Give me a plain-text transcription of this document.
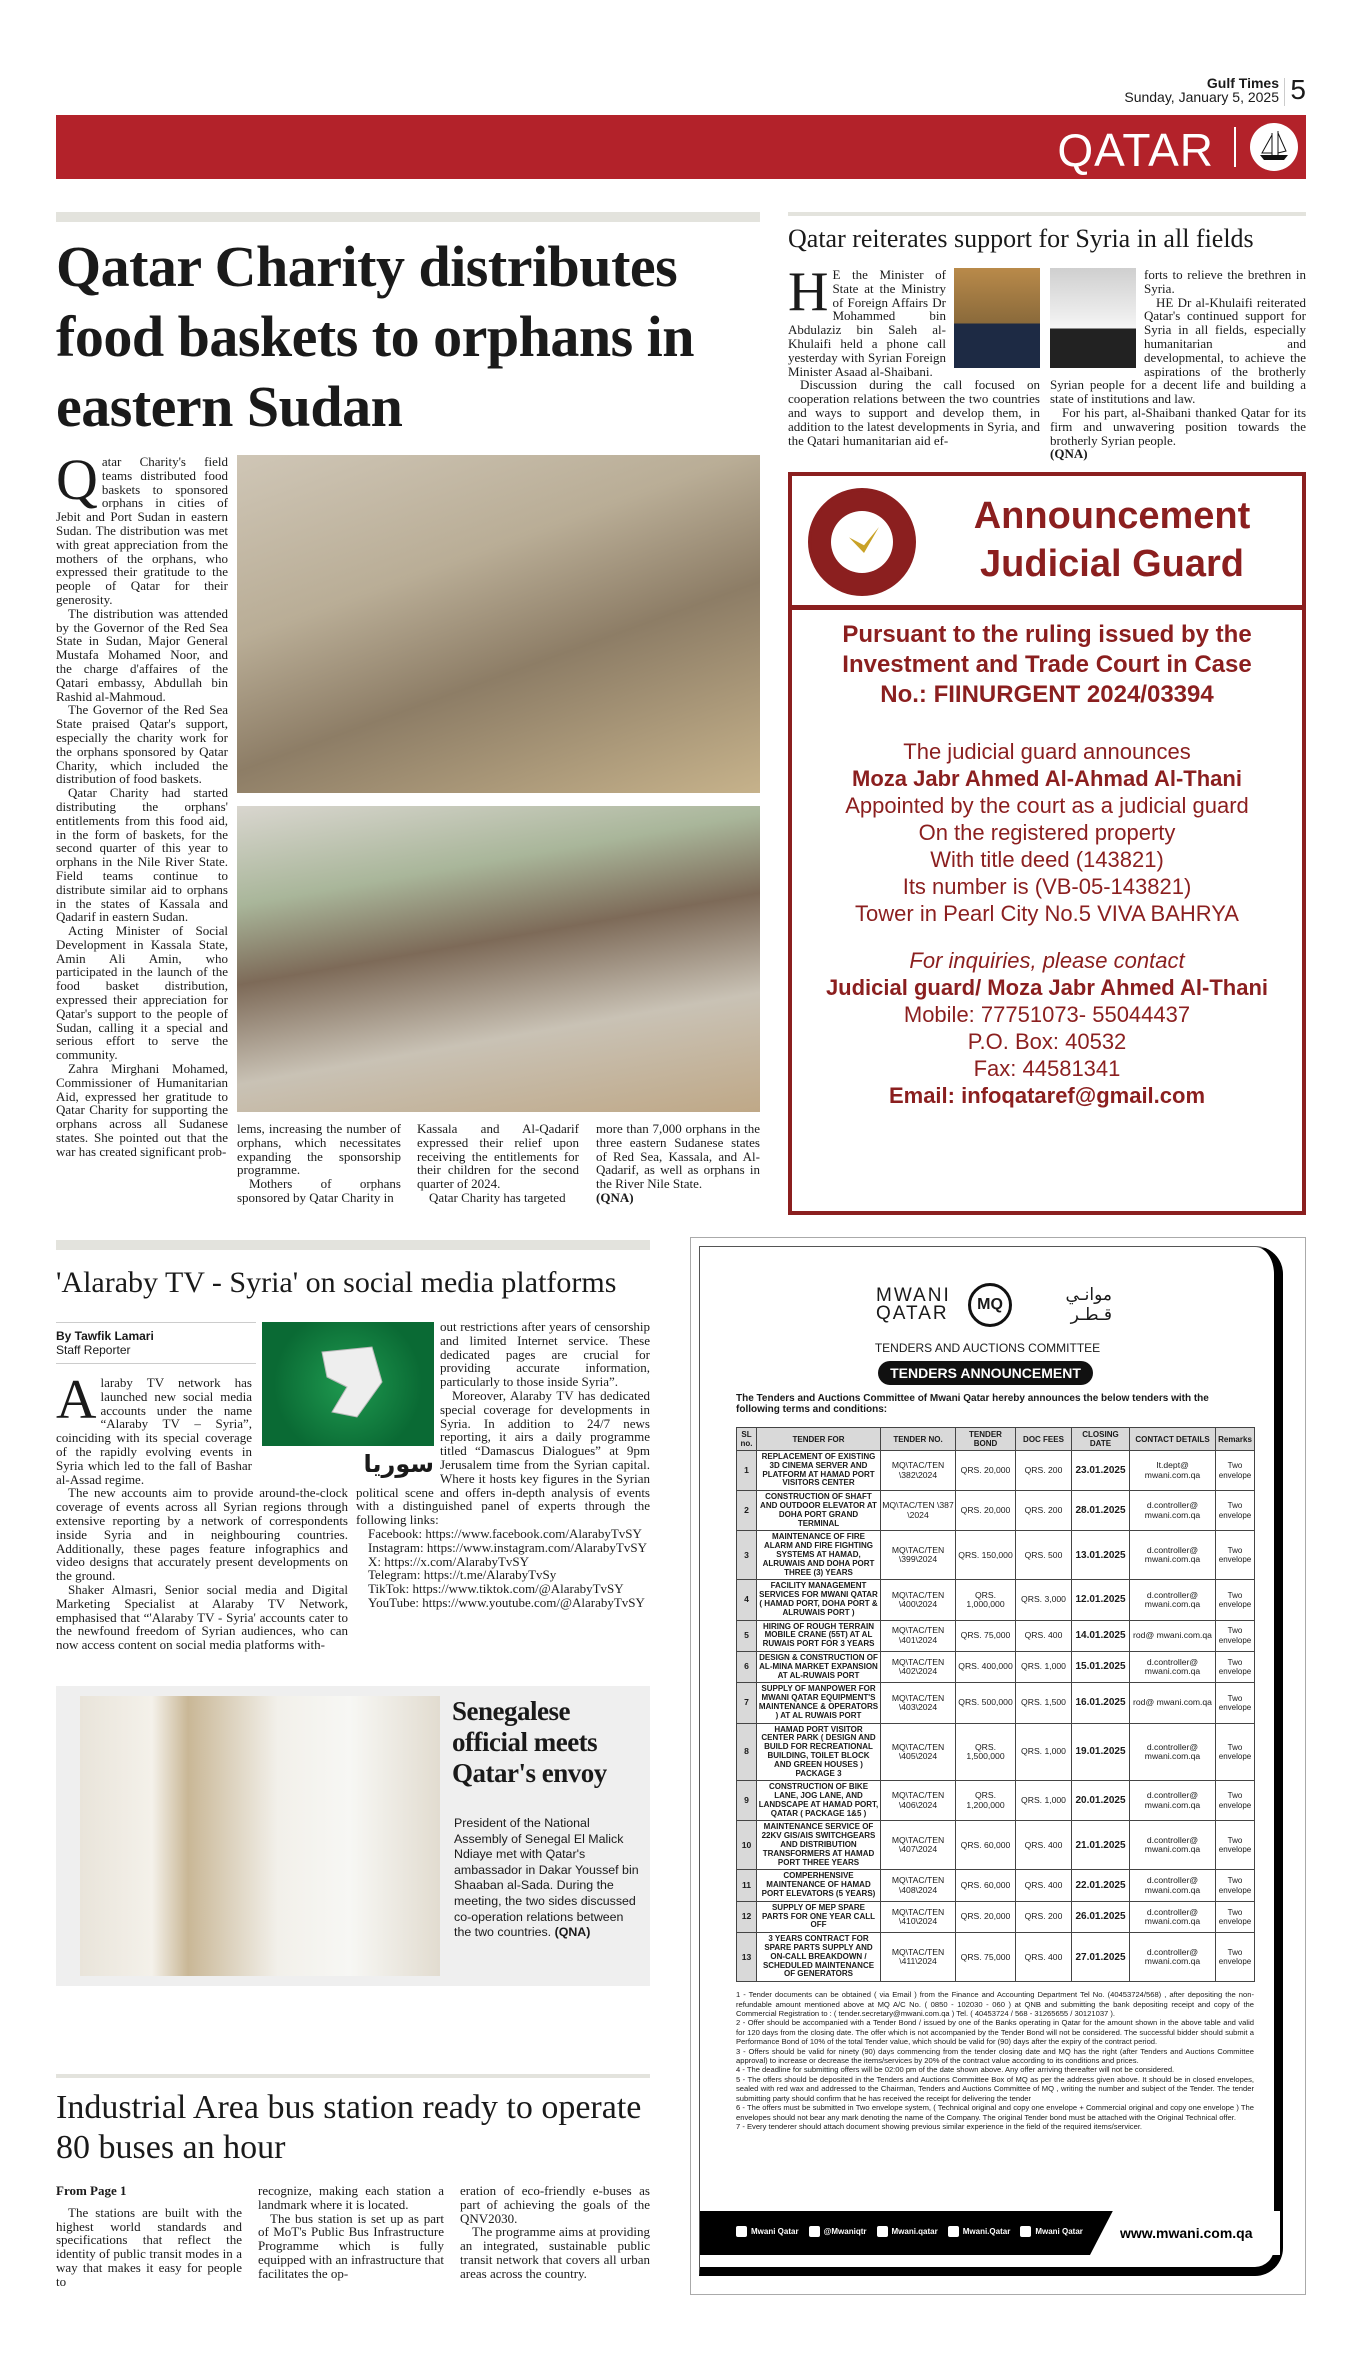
Gulf Times
Sunday, January 5, 2025 5
QATAR
Qatar Charity distributes food baskets to orphans in eastern Sudan
Q atar Charity's field teams distributed food baskets to sponsored orphans in cities of Jebit and Port Sudan in eastern Sudan. The distribution was met with great appreciation from the mothers of the orphans, who expressed their gratitude to the people of Qatar for their generosity.

The distribution was attended by the Governor of the Red Sea State in Sudan, Major General Mustafa Mohamed Noor, and the charge d'affaires of the Qatari embassy, Abdullah bin Rashid al-Mahmoud.

The Governor of the Red Sea State praised Qatar's support, especially the charity work for the orphans sponsored by Qatar Charity, which included the distribution of food baskets.

Qatar Charity had started distributing the orphans' entitlements from this food aid, in the form of baskets, for the second quarter of this year to orphans in the Nile River State. Field teams continue to distribute similar aid to orphans in the states of Kassala and Qadarif in eastern Sudan.

Acting Minister of Social Development in Kassala State, Amin Ali Amin, who participated in the launch of the food basket distribution, expressed their appreciation for Qatar's support to the people of Sudan, calling it a special and serious effort to serve the community.

Zahra Mirghani Mohamed, Commissioner of Humanitarian Aid, expressed her gratitude to Qatar Charity for supporting the orphans across all Sudanese states. She pointed out that the war has created significant prob-

lems, increasing the number of orphans, which necessitates expanding the sponsorship programme.

Mothers of orphans sponsored by Qatar Charity in

Kassala and Al-Qadarif expressed their relief upon receiving the entitlements for their children for the second quarter of 2024.

Qatar Charity has targeted

more than 7,000 orphans in the three eastern Sudanese states of Red Sea, Kassala, and Al-Qadarif, as well as orphans in the River Nile State.

(QNA)
Qatar reiterates support for Syria in all fields
H E the Minister of State at the Ministry of Foreign Affairs Dr Mohammed bin Abdulaziz bin Saleh al-Khulaifi held a phone call yesterday with Syrian Foreign Minister Asaad al-Shaibani.

Discussion during the call focused on cooperation relations between the two countries and ways to support and develop them, in addition to the latest developments in Syria, and the Qatari humanitarian aid ef-

forts to relieve the brethren in Syria.

HE Dr al-Khulaifi reiterated Qatar's continued support for Syria in all fields, especially humanitarian and developmental, to achieve the aspirations of the brotherly Syrian people for a decent life and building a state of institutions and law.

For his part, al-Shaibani thanked Qatar for its firm and unwavering position towards the brotherly Syrian people.

(QNA)
Announcement
Judicial Guard
Pursuant to the ruling issued by the
Investment and Trade Court in Case
No.: FIINURGENT 2024/03394
The judicial guard announces
Moza Jabr Ahmed Al-Ahmad Al-Thani
Appointed by the court as a judicial guard
On the registered property
With title deed (143821)
Its number is (VB-05-143821)
Tower in Pearl City No.5 VIVA BAHRYA
For inquiries, please contact
Judicial guard/ Moza Jabr Ahmed Al-Thani
Mobile: 77751073- 55044437
P.O. Box: 40532
Fax: 44581341
Email: infoqataref@gmail.com
'Alaraby TV - Syria' on social media platforms
By Tawfik Lamari
Staff Reporter
A laraby TV network has launched new social media accounts under the name “Alaraby TV – Syria”, coinciding with its special coverage of the rapidly evolving events in Syria which led to the fall of Bashar al-Assad regime.

The new accounts aim to provide around-the-clock coverage of events across all Syrian regions through extensive reporting by a network of correspondents inside Syria and in neighbouring countries. Additionally, these pages feature infographics and video designs that accurately present developments on the ground.

Shaker Almasri, Senior social media and Digital Marketing Specialist at Alaraby TV Network, emphasised that “'Alaraby TV - Syria' accounts cater to the newfound freedom of Syrian audiences, who can now access content on social media platforms with-

سوريا

out restrictions after years of censorship and limited Internet service. These dedicated pages are crucial for providing accurate information, particularly to those inside Syria”.

Moreover, Alaraby TV has dedicated special coverage for developments in Syria. In addition to 24/7 news reporting, it airs a daily programme titled “Damascus Dialogues” at 9pm Jerusalem time from the Syrian capital. Where it hosts key figures in the Syrian political scene and offers in-depth analysis of events with a distinguished panel of experts through the following links:

Facebook: https://www.facebook.com/AlarabyTvSY

Instagram: https://www.instagram.com/AlarabyTvSY

X: https://x.com/AlarabyTvSY

Telegram: https://t.me/AlarabyTvSy

TikTok: https://www.tiktok.com/@AlarabyTvSY

YouTube: https://www.youtube.com/@AlarabyTvSY

Senegalese official meets Qatar's envoy

President of the National Assembly of Senegal El Malick Ndiaye met with Qatar's ambassador in Dakar Youssef bin Shaaban al-Sada. During the meeting, the two sides discussed co-operation relations between the two countries. (QNA)

Industrial Area bus station ready to operate 80 buses an hour
From Page 1

The stations are built with the highest world standards and specifications that reflect the identity of public transit modes in a way that makes it easy for people to

recognize, making each station a landmark where it is located.

The bus station is set up as part of MoT's Public Bus Infrastructure Programme which is fully equipped with an infrastructure that facilitates the op-

eration of eco-friendly e-buses as part of achieving the goals of the QNV2030.

The programme aims at providing an integrated, sustainable public transit network that covers all urban areas across the country.

MWANI
QATAR	MQ	موانـي قـطـر
TENDERS AND AUCTIONS COMMITTEE
TENDERS ANNOUNCEMENT
The Tenders and Auctions Committee of Mwani Qatar hereby announces the below tenders with the following terms and conditions:
SL no.	TENDER FOR	TENDER NO.	TENDER BOND	DOC FEES	CLOSING DATE	CONTACT DETAILS	Remarks
1	REPLACEMENT OF EXISTING 3D CINEMA SERVER AND PLATFORM AT HAMAD PORT VISITORS CENTER	MQ\TAC/TEN \382\2024	QRS. 20,000	QRS. 200	23.01.2025	It.dept@ mwani.com.qa	Two envelope
2	CONSTRUCTION OF SHAFT AND OUTDOOR ELEVATOR AT DOHA PORT GRAND TERMINAL	MQ\TAC/TEN \387 \2024	QRS. 20,000	QRS. 200	28.01.2025	d.controller@ mwani.com.qa	Two envelope
3	MAINTENANCE OF FIRE ALARM AND FIRE FIGHTING SYSTEMS AT HAMAD, ALRUWAIS AND DOHA PORT THREE (3) YEARS	MQ\TAC/TEN \399\2024	QRS. 150,000	QRS. 500	13.01.2025	d.controller@ mwani.com.qa	Two envelope
4	FACILITY MANAGEMENT SERVICES FOR MWANI QATAR ( HAMAD PORT, DOHA PORT & ALRUWAIS PORT )	MQ\TAC/TEN \400\2024	QRS. 1,000,000	QRS. 3,000	12.01.2025	d.controller@ mwani.com.qa	Two envelope
5	HIRING OF ROUGH TERRAIN MOBILE CRANE (55T) AT AL RUWAIS PORT FOR 3 YEARS	MQ\TAC/TEN \401\2024	QRS. 75,000	QRS. 400	14.01.2025	rod@ mwani.com.qa	Two envelope
6	DESIGN & CONSTRUCTION OF AL-MINA MARKET EXPANSION AT AL-RUWAIS PORT	MQ\TAC/TEN \402\2024	QRS. 400,000	QRS. 1,000	15.01.2025	d.controller@ mwani.com.qa	Two envelope
7	SUPPLY OF MANPOWER FOR MWANI QATAR EQUIPMENT'S MAINTENANCE & OPERATORS ) AT AL RUWAIS PORT	MQ\TAC/TEN \403\2024	QRS. 500,000	QRS. 1,500	16.01.2025	rod@ mwani.com.qa	Two envelope
8	HAMAD PORT VISITOR CENTER PARK ( DESIGN AND BUILD FOR RECREATIONAL BUILDING, TOILET BLOCK AND GREEN HOUSES ) PACKAGE 3	MQ\TAC/TEN \405\2024	QRS. 1,500,000	QRS. 1,000	19.01.2025	d.controller@ mwani.com.qa	Two envelope
9	CONSTRUCTION OF BIKE LANE, JOG LANE, AND LANDSCAPE AT HAMAD PORT, QATAR ( PACKAGE 1&5 )	MQ\TAC/TEN \406\2024	QRS. 1,200,000	QRS. 1,000	20.01.2025	d.controller@ mwani.com.qa	Two envelope
10	MAINTENANCE SERVICE OF 22KV GIS/AIS SWITCHGEARS AND DISTRIBUTION TRANSFORMERS AT HAMAD PORT THREE YEARS	MQ\TAC/TEN \407\2024	QRS. 60,000	QRS. 400	21.01.2025	d.controller@ mwani.com.qa	Two envelope
11	COMPERHENSIVE MAINTENANCE OF HAMAD PORT ELEVATORS (5 YEARS)	MQ\TAC/TEN \408\2024	QRS. 60,000	QRS. 400	22.01.2025	d.controller@ mwani.com.qa	Two envelope
12	SUPPLY OF MEP SPARE PARTS FOR ONE YEAR CALL OFF	MQ\TAC/TEN \410\2024	QRS. 20,000	QRS. 200	26.01.2025	d.controller@ mwani.com.qa	Two envelope
13	3 YEARS CONTRACT FOR SPARE PARTS SUPPLY AND ON-CALL BREAKDOWN / SCHEDULED MAINTENANCE OF GENERATORS	MQ\TAC/TEN \411\2024	QRS. 75,000	QRS. 400	27.01.2025	d.controller@ mwani.com.qa	Two envelope
1 - Tender documents can be obtained ( via Email ) from the Finance and Accounting Department Tel No. (40453724/568) , after depositing the non-refundable amount mentioned above at MQ A/C No. ( 0850 - 102030 - 060 ) at QNB and submitting the bank depositing receipt and copy of the Commercial Registration to : ( tender.secretary@mwani.com.qa ) Tel. ( 40453724 / 568 - 31265655 / 30121037 ).
2 - Offer should be accompanied with a Tender Bond / issued by one of the Banks operating in Qatar for the amount shown in the above table and valid for 120 days from the closing date. The offer which is not accompanied by the Tender Bond will not be considered. The successful bidder should submit a Performance Bond of 10% of the total Tender value, which should be valid for (90) days after the expiry of the contract period.
3 - Offers should be valid for ninety (90) days commencing from the tender closing date and MQ has the right (after Tenders and Auctions Committee approval) to increase or decrease the items/services by 20% of the contract value according to its conditions and prices.
4 - The deadline for submitting offers will be 02:00 pm of the date shown above. Any offer arriving thereafter will not be considered.
5 - The offers should be deposited in the Tenders and Auctions Committee Box of MQ as per the address given above. It should be in closed envelopes, sealed with red wax and addressed to the Chairman, Tenders and Auctions Committee of MQ , writing the number and subject of the Tender. The tender submitting party should confirm that he has received the receipt for delivering the tender
6 - The offers must be submitted in Two envelope system, ( Technical original and copy one envelope + Commercial original and copy one envelope ) The envelopes should not bear any mark denoting the name of the Company. The original Tender bond must be attached with the Original Technical offer.
7 - Every tenderer should attach document showing previous similar experience in the field of the required items/servicer.
Mwani Qatar	@Mwaniqtr	Mwani.qatar	Mwani.Qatar	Mwani Qatar	www.mwani.com.qa
